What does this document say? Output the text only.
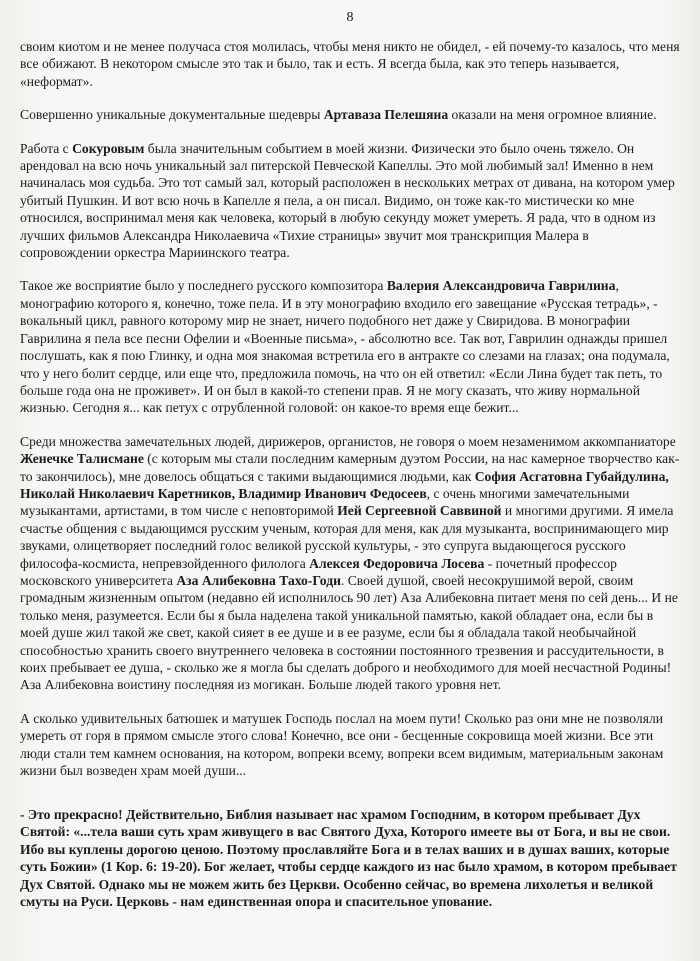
8

своим киотом и не менее получаса стоя молилась, чтобы меня никто не обидел, - ей почему-то казалось, что меня все обижают. В некотором смысле это так и было, так и есть. Я всегда была, как это теперь называется, «неформат».

Совершенно уникальные документальные шедевры Артаваза Пелешяна оказали на меня огромное влияние.

Работа с Сокуровым была значительным событием в моей жизни. Физически это было очень тяжело. Он арендовал на всю ночь уникальный зал питерской Певческой Капеллы. Это мой любимый зал! Именно в нем начиналась моя судьба. Это тот самый зал, который расположен в нескольких метрах от дивана, на котором умер убитый Пушкин. И вот всю ночь в Капелле я пела, а он писал. Видимо, он тоже как-то мистически ко мне относился, воспринимал меня как человека, который в любую секунду может умереть. Я рада, что в одном из лучших фильмов Александра Николаевича «Тихие страницы» звучит моя транскрипция Малера в сопровождении оркестра Мариинского театра.

Такое же восприятие было у последнего русского композитора Валерия Александровича Гаврилина, монографию которого я, конечно, тоже пела. И в эту монографию входило его завещание «Русская тетрадь», - вокальный цикл, равного которому мир не знает, ничего подобного нет даже у Свиридова. В монографии Гаврилина я пела все песни Офелии и «Военные письма», - абсолютно все. Так вот, Гаврилин однажды пришел послушать, как я пою Глинку, и одна моя знакомая встретила его в антракте со слезами на глазах; она подумала, что у него болит сердце, или еще что, предложила помочь, на что он ей ответил: «Если Лина будет так петь, то больше года она не проживет». И он был в какой-то степени прав. Я не могу сказать, что живу нормальной жизнью. Сегодня я... как петух с отрубленной головой: он какое-то время еще бежит...

Среди множества замечательных людей, дирижеров, органистов, не говоря о моем незаменимом аккомпаниаторе Женечке Талисмане (с которым мы стали последним камерным дуэтом России, на нас камерное творчество как-то закончилось), мне довелось общаться с такими выдающимися людьми, как София Асгатовна Губайдулина, Николай Николаевич Каретников, Владимир Иванович Федосеев, с очень многими замечательными музыкантами, артистами, в том числе с неповторимой Ией Сергеевной Саввиной и многими другими. Я имела счастье общения с выдающимся русским ученым, которая для меня, как для музыканта, воспринимающего мир звуками, олицетворяет последний голос великой русской культуры, - это супруга выдающегося русского философа-космиста, непревзойденного филолога Алексея Федоровича Лосева - почетный профессор московского университета Аза Алибековна Тахо-Годи. Своей душой, своей несокрушимой верой, своим громадным жизненным опытом (недавно ей исполнилось 90 лет) Аза Алибековна питает меня по сей день... И не только меня, разумеется. Если бы я была наделена такой уникальной памятью, какой обладает она, если бы в моей душе жил такой же свет, какой сияет в ее душе и в ее разуме, если бы я обладала такой необычайной способностью хранить своего внутреннего человека в состоянии постоянного трезвения и рассудительности, в коих пребывает ее душа, - сколько же я могла бы сделать доброго и необходимого для моей несчастной Родины! Аза Алибековна воистину последняя из могикан. Больше людей такого уровня нет.

А сколько удивительных батюшек и матушек Господь послал на моем пути! Сколько раз они мне не позволяли умереть от горя в прямом смысле этого слова! Конечно, все они - бесценные сокровища моей жизни. Все эти люди стали тем камнем основания, на котором, вопреки всему, вопреки всем видимым, материальным законам жизни был возведен храм моей души...

- Это прекрасно! Действительно, Библия называет нас храмом Господним, в котором пребывает Дух Святой: «...тела ваши суть храм живущего в вас Святого Духа, Которого имеете вы от Бога, и вы не свои. Ибо вы куплены дорогою ценою. Поэтому прославляйте Бога и в телах ваших и в душах ваших, которые суть Божии» (1 Кор. 6: 19-20). Бог желает, чтобы сердце каждого из нас было храмом, в котором пребывает Дух Святой. Однако мы не можем жить без Церкви. Особенно сейчас, во времена лихолетья и великой смуты на Руси. Церковь - нам единственная опора и спасительное упование.
